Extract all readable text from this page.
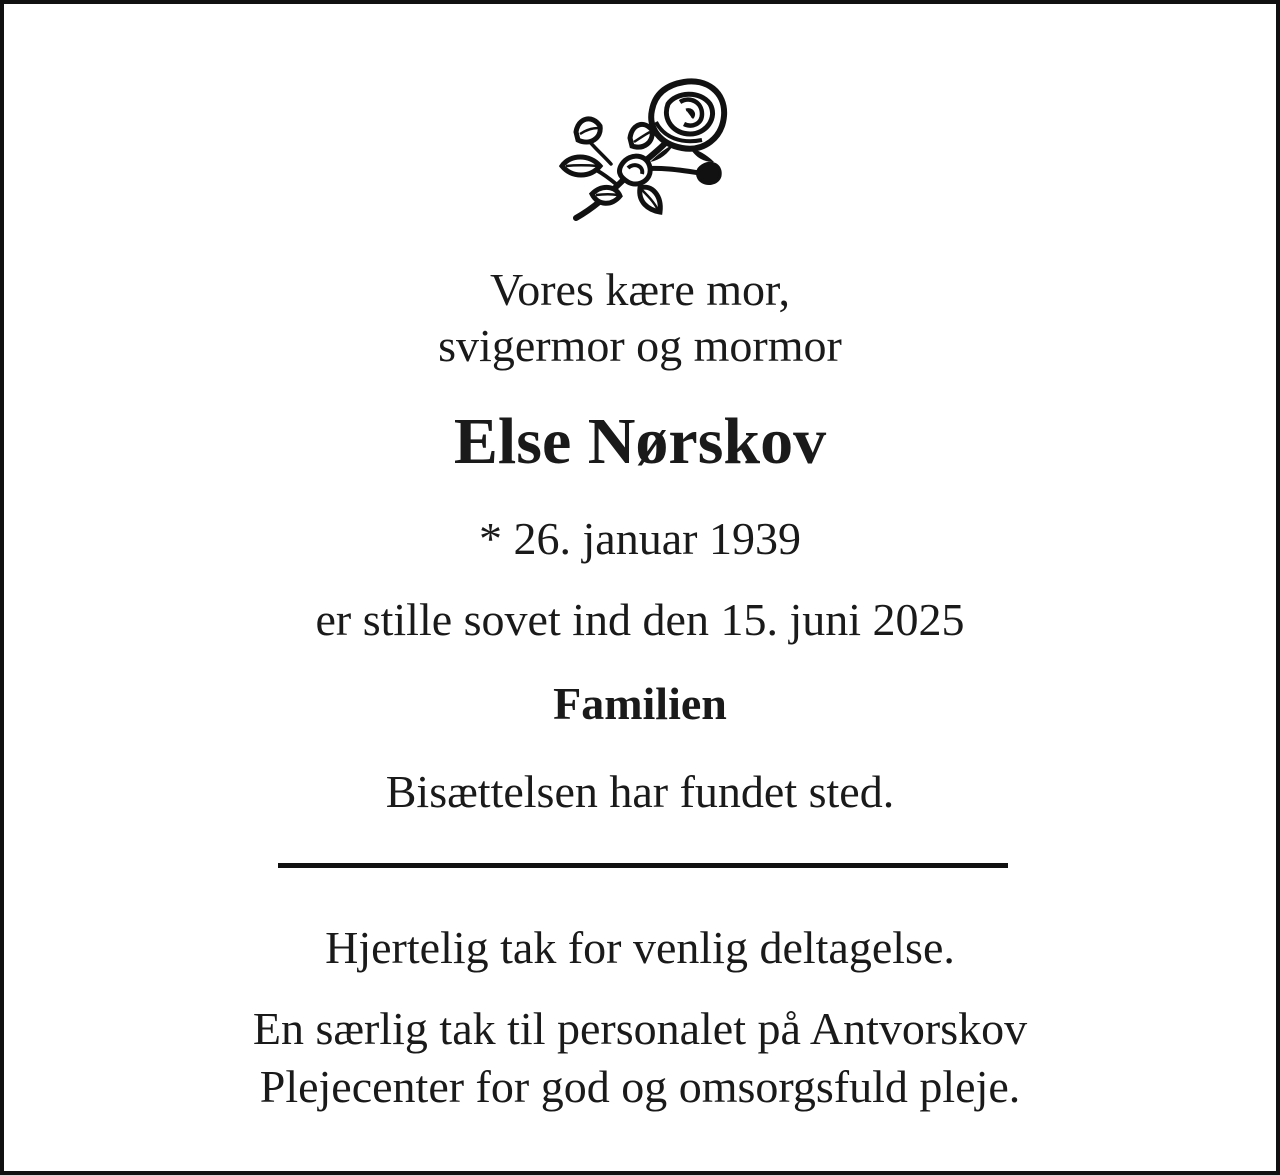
Vores kære mor,
svigermor og mormor
Else Nørskov
* 26. januar 1939
er stille sovet ind den 15. juni 2025
Familien
Bisættelsen har fundet sted.
Hjertelig tak for venlig deltagelse.
En særlig tak til personalet på Antvorskov
Plejecenter for god og omsorgsfuld pleje.
